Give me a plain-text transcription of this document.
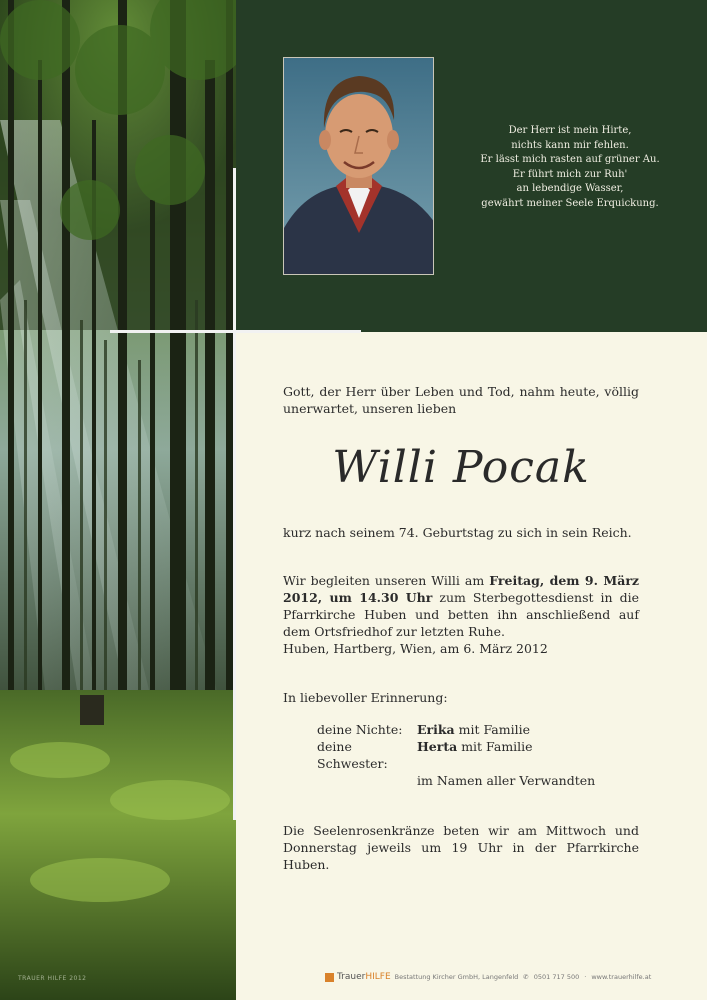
TRAUER HILFE 2012
Der Herr ist mein Hirte,
nichts kann mir fehlen.
Er lässt mich rasten auf grüner Au.
Er führt mich zur Ruh'
an lebendige Wasser,
gewährt meiner Seele Erquickung.
Gott, der Herr über Leben und Tod, nahm heute, völlig unerwartet, unseren lieben
Willi Pocak
kurz nach seinem 74. Geburtstag zu sich in sein Reich.
Wir begleiten unseren Willi am Freitag, dem 9. März 2012, um 14.30 Uhr zum Sterbegottesdienst in die Pfarrkirche Huben und betten ihn anschließend auf dem Ortsfriedhof zur letzten Ruhe.
Huben, Hartberg, Wien, am 6. März 2012
In liebevoller Erinnerung:
deine Nichte:	Erika mit Familie
deine Schwester:
Herta mit Familie
im Namen aller Verwandten
Die Seelenrosenkränze beten wir am Mittwoch und Donnerstag jeweils um 19 Uhr in der Pfarrkirche Huben.
TrauerHILFE Bestattung Kircher GmbH, Langenfeld ✆ 0501 717 500 · www.trauerhilfe.at
